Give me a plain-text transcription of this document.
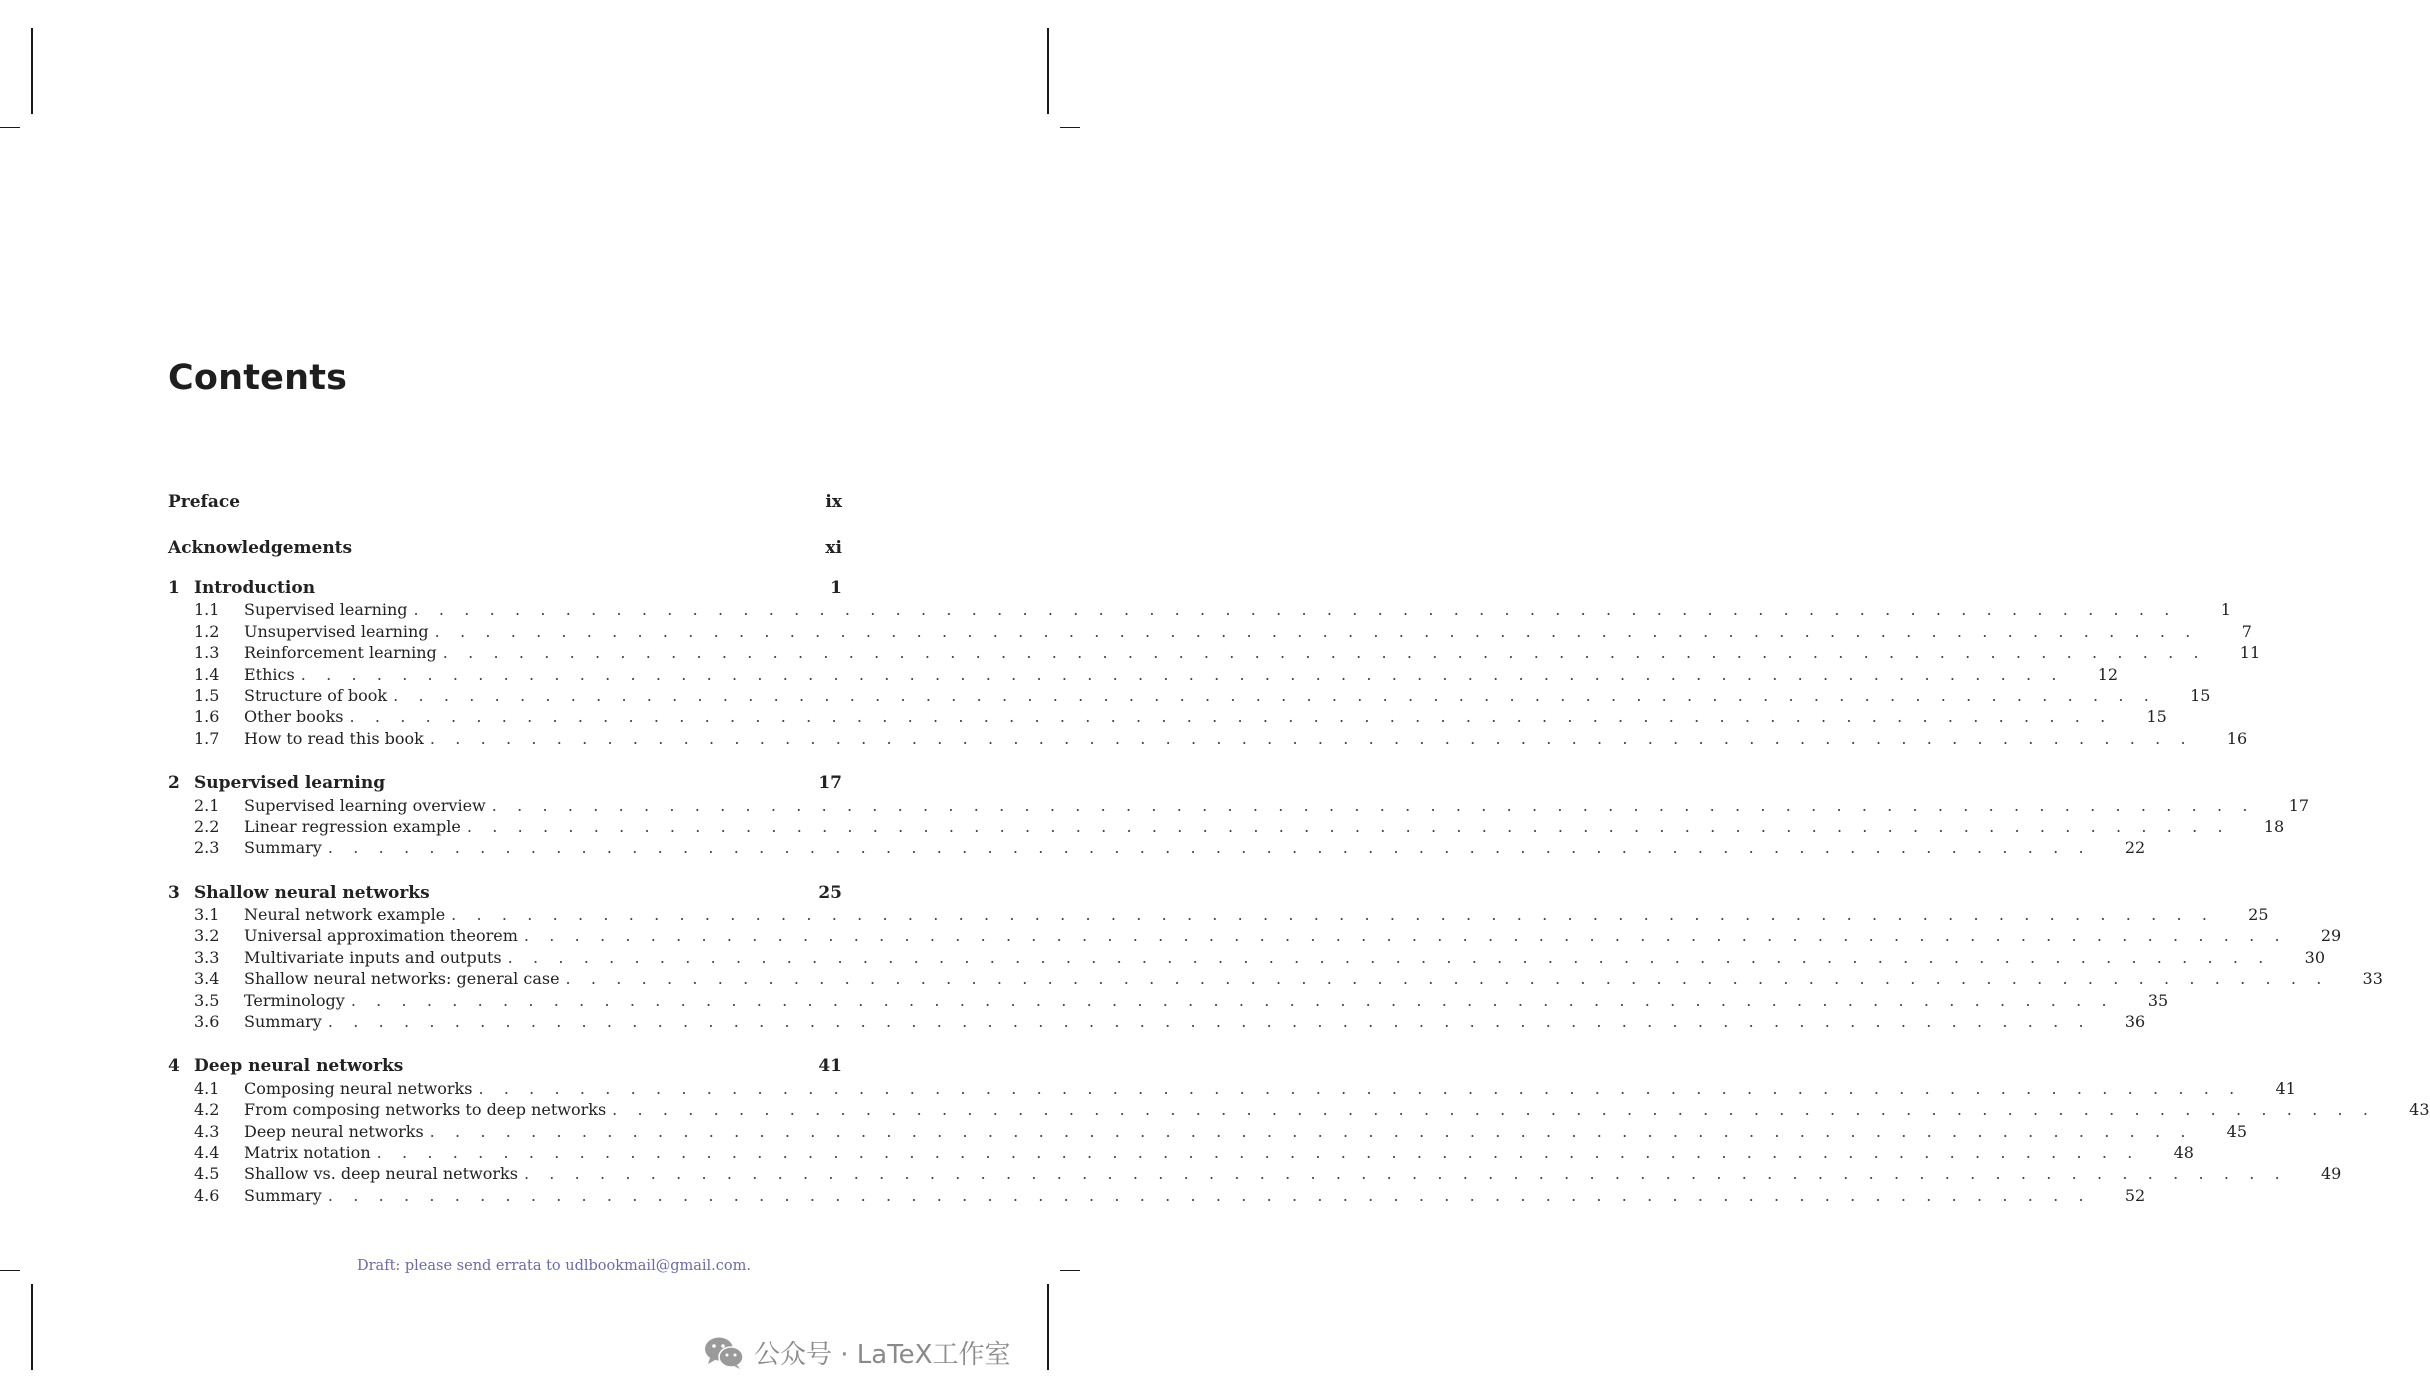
Contents
Preface	ix
Acknowledgements	xi
1 Introduction	1
1.1	Supervised learning . . . . . . . . . . . . . . . . . . . . . . . . . . . . . . . . . . . . . . . . . . . . . . . . . . . . . . . . . . . . . . . . . . . . . .	1
1.2	Unsupervised learning . . . . . . . . . . . . . . . . . . . . . . . . . . . . . . . . . . . . . . . . . . . . . . . . . . . . . . . . . . . . . . . . . . . . . .	7
1.3	Reinforcement learning . . . . . . . . . . . . . . . . . . . . . . . . . . . . . . . . . . . . . . . . . . . . . . . . . . . . . . . . . . . . . . . . . . . . . .	11
1.4	Ethics . . . . . . . . . . . . . . . . . . . . . . . . . . . . . . . . . . . . . . . . . . . . . . . . . . . . . . . . . . . . . . . . . . . . . .	12
1.5	Structure of book . . . . . . . . . . . . . . . . . . . . . . . . . . . . . . . . . . . . . . . . . . . . . . . . . . . . . . . . . . . . . . . . . . . . . .	15
1.6	Other books . . . . . . . . . . . . . . . . . . . . . . . . . . . . . . . . . . . . . . . . . . . . . . . . . . . . . . . . . . . . . . . . . . . . . .	15
1.7	How to read this book . . . . . . . . . . . . . . . . . . . . . . . . . . . . . . . . . . . . . . . . . . . . . . . . . . . . . . . . . . . . . . . . . . . . . .	16
2 Supervised learning	17
2.1	Supervised learning overview . . . . . . . . . . . . . . . . . . . . . . . . . . . . . . . . . . . . . . . . . . . . . . . . . . . . . . . . . . . . . . . . . . . . . .	17
2.2	Linear regression example . . . . . . . . . . . . . . . . . . . . . . . . . . . . . . . . . . . . . . . . . . . . . . . . . . . . . . . . . . . . . . . . . . . . . .	18
2.3	Summary . . . . . . . . . . . . . . . . . . . . . . . . . . . . . . . . . . . . . . . . . . . . . . . . . . . . . . . . . . . . . . . . . . . . . .	22
3 Shallow neural networks	25
3.1	Neural network example . . . . . . . . . . . . . . . . . . . . . . . . . . . . . . . . . . . . . . . . . . . . . . . . . . . . . . . . . . . . . . . . . . . . . .	25
3.2	Universal approximation theorem . . . . . . . . . . . . . . . . . . . . . . . . . . . . . . . . . . . . . . . . . . . . . . . . . . . . . . . . . . . . . . . . . . . . . .	29
3.3	Multivariate inputs and outputs . . . . . . . . . . . . . . . . . . . . . . . . . . . . . . . . . . . . . . . . . . . . . . . . . . . . . . . . . . . . . . . . . . . . . .	30
3.4	Shallow neural networks: general case . . . . . . . . . . . . . . . . . . . . . . . . . . . . . . . . . . . . . . . . . . . . . . . . . . . . . . . . . . . . . . . . . . . . . .	33
3.5	Terminology . . . . . . . . . . . . . . . . . . . . . . . . . . . . . . . . . . . . . . . . . . . . . . . . . . . . . . . . . . . . . . . . . . . . . .	35
3.6	Summary . . . . . . . . . . . . . . . . . . . . . . . . . . . . . . . . . . . . . . . . . . . . . . . . . . . . . . . . . . . . . . . . . . . . . .	36
4 Deep neural networks	41
4.1	Composing neural networks . . . . . . . . . . . . . . . . . . . . . . . . . . . . . . . . . . . . . . . . . . . . . . . . . . . . . . . . . . . . . . . . . . . . . .	41
4.2	From composing networks to deep networks . . . . . . . . . . . . . . . . . . . . . . . . . . . . . . . . . . . . . . . . . . . . . . . . . . . . . . . . . . . . . . . . . . . . . .	43
4.3	Deep neural networks . . . . . . . . . . . . . . . . . . . . . . . . . . . . . . . . . . . . . . . . . . . . . . . . . . . . . . . . . . . . . . . . . . . . . .	45
4.4	Matrix notation . . . . . . . . . . . . . . . . . . . . . . . . . . . . . . . . . . . . . . . . . . . . . . . . . . . . . . . . . . . . . . . . . . . . . .	48
4.5	Shallow vs. deep neural networks . . . . . . . . . . . . . . . . . . . . . . . . . . . . . . . . . . . . . . . . . . . . . . . . . . . . . . . . . . . . . . . . . . . . . .	49
4.6	Summary . . . . . . . . . . . . . . . . . . . . . . . . . . . . . . . . . . . . . . . . . . . . . . . . . . . . . . . . . . . . . . . . . . . . . .	52
Draft: please send errata to udlbookmail@gmail.com.
公众号 · LaTeX工作室
